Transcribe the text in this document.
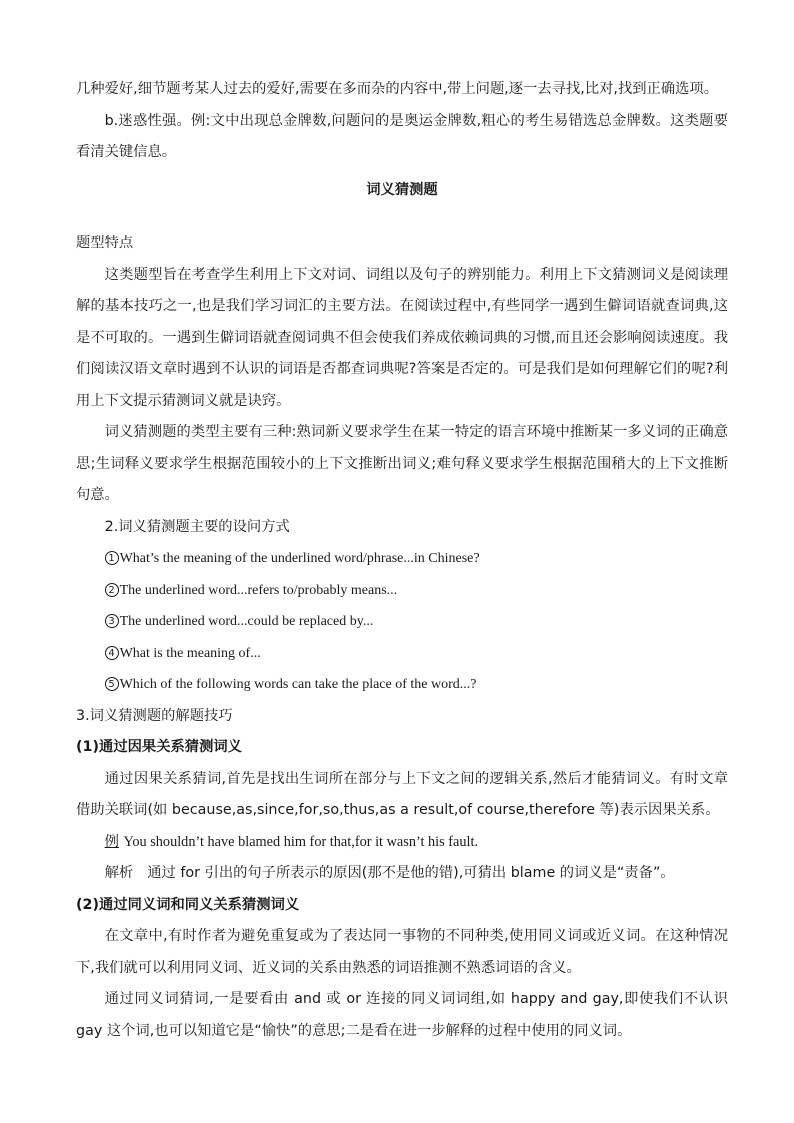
几种爱好,细节题考某人过去的爱好,需要在多而杂的内容中,带上问题,逐一去寻找,比对,找到正确选项。

b.迷惑性强。例:文中出现总金牌数,问题问的是奥运金牌数,粗心的考生易错选总金牌数。这类题要看清关键信息。

词义猜测题

题型特点

这类题型旨在考查学生利用上下文对词、词组以及句子的辨别能力。利用上下文猜测词义是阅读理解的基本技巧之一,也是我们学习词汇的主要方法。在阅读过程中,有些同学一遇到生僻词语就查词典,这是不可取的。一遇到生僻词语就查阅词典不但会使我们养成依赖词典的习惯,而且还会影响阅读速度。我们阅读汉语文章时遇到不认识的词语是否都查词典呢?答案是否定的。可是我们是如何理解它们的呢?利用上下文提示猜测词义就是诀窍。

词义猜测题的类型主要有三种:熟词新义要求学生在某一特定的语言环境中推断某一多义词的正确意思;生词释义要求学生根据范围较小的上下文推断出词义;难句释义要求学生根据范围稍大的上下文推断句意。

2.词义猜测题主要的设问方式

1 What’s the meaning of the underlined word/phrase...in Chinese?

2 The underlined word...refers to/probably means...

3 The underlined word...could be replaced by...

4 What is the meaning of...

5 Which of the following words can take the place of the word...?

3.词义猜测题的解题技巧

(1)通过因果关系猜测词义

通过因果关系猜词,首先是找出生词所在部分与上下文之间的逻辑关系,然后才能猜词义。有时文章借助关联词(如 because,as,since,for,so,thus,as a result,of course,therefore 等)表示因果关系。

例 You shouldn’t have blamed him for that,for it wasn’t his fault.

解析 通过 for 引出的句子所表示的原因(那不是他的错),可猜出 blame 的词义是“责备”。

(2)通过同义词和同义关系猜测词义

在文章中,有时作者为避免重复或为了表达同一事物的不同种类,使用同义词或近义词。在这种情况下,我们就可以利用同义词、近义词的关系由熟悉的词语推测不熟悉词语的含义。

通过同义词猜词,一是要看由 and 或 or 连接的同义词词组,如 happy and gay,即使我们不认识 gay 这个词,也可以知道它是“愉快”的意思;二是看在进一步解释的过程中使用的同义词。
